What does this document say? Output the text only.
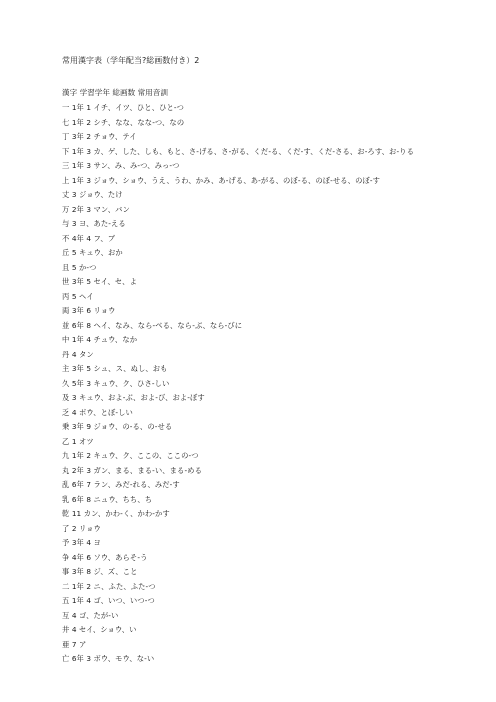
常用漢字表（学年配当?総画数付き）2
漢字 学習学年 総画数 常用音訓
一 1年 1 イチ、イツ、ひと、ひと-つ
七 1年 2 シチ、なな、なな-つ、なの
丁 3年 2 チョウ、テイ
下 1年 3 カ、ゲ、した、しも、もと、さ-げる、さ-がる、くだ-る、くだ-す、くだ-さる、お-ろす、お-りる
三 1年 3 サン、み、み-つ、みっ-つ
上 1年 3 ジョウ、ショウ、うえ、うわ、かみ、あ-げる、あ-がる、のぼ-る、のぼ-せる、のぼ-す
丈 3 ジョウ、たけ
万 2年 3 マン、バン
与 3 ヨ、あた-える
不 4年 4 フ、ブ
丘 5 キュウ、おか
且 5 か-つ
世 3年 5 セイ、セ、よ
丙 5 ヘイ
両 3年 6 リョウ
並 6年 8 ヘイ、なみ、なら-べる、なら-ぶ、なら-びに
中 1年 4 チュウ、なか
丹 4 タン
主 3年 5 シュ、ス、ぬし、おも
久 5年 3 キュウ、ク、ひさ-しい
及 3 キュウ、およ-ぶ、およ-び、およ-ぼす
乏 4 ボウ、とぼ-しい
乗 3年 9 ジョウ、の-る、の-せる
乙 1 オツ
九 1年 2 キュウ、ク、ここの、ここの-つ
丸 2年 3 ガン、まる、まる-い、まる-める
乱 6年 7 ラン、みだ-れる、みだ-す
乳 6年 8 ニュウ、ちち、ち
乾 11 カン、かわ-く、かわ-かす
了 2 リョウ
予 3年 4 ヨ
争 4年 6 ソウ、あらそ-う
事 3年 8 ジ、ズ、こと
二 1年 2 ニ、ふた、ふた-つ
五 1年 4 ゴ、いつ、いつ-つ
互 4 ゴ、たが-い
井 4 セイ、ショウ、い
亜 7 ア
亡 6年 3 ボウ、モウ、な-い
